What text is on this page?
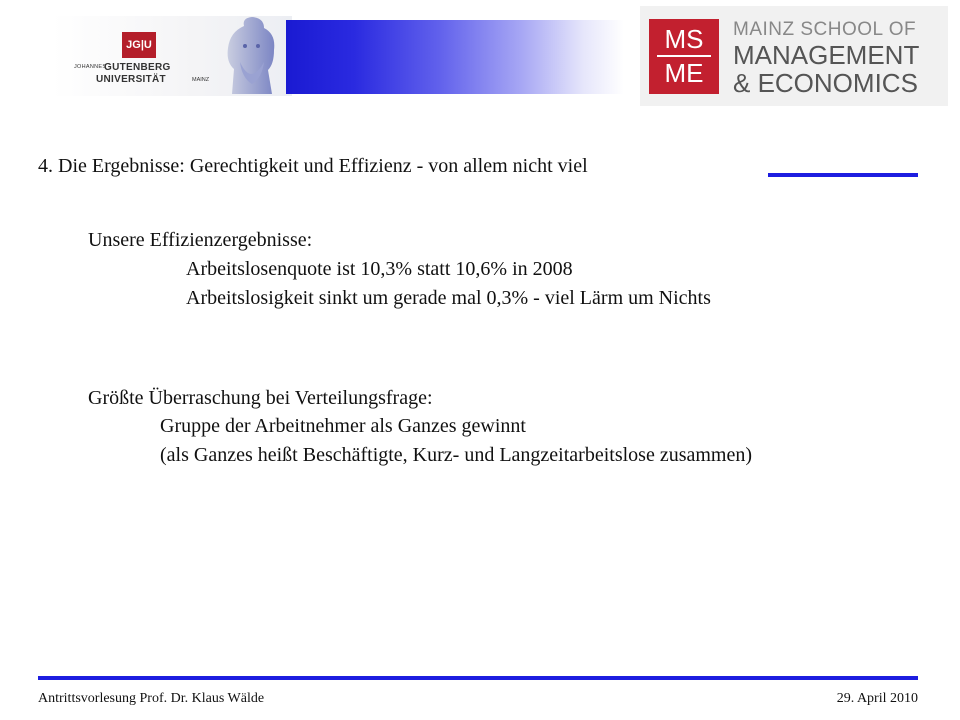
JG|U
JOHANNES
GUTENBERG
UNIVERSITÄT	MAINZ
MS
ME
MAINZ SCHOOL OF
MANAGEMENT
& ECONOMICS
4. Die Ergebnisse: Gerechtigkeit und Effizienz - von allem nicht viel
Unsere Effizienzergebnisse:
Arbeitslosenquote ist 10,3% statt 10,6% in 2008
Arbeitslosigkeit sinkt um gerade mal 0,3% - viel Lärm um Nichts
Größte Überraschung bei Verteilungsfrage:
Gruppe der Arbeitnehmer als Ganzes gewinnt
(als Ganzes heißt Beschäftigte, Kurz- und Langzeitarbeitslose zusammen)
Antrittsvorlesung Prof. Dr. Klaus Wälde	29. April 2010
